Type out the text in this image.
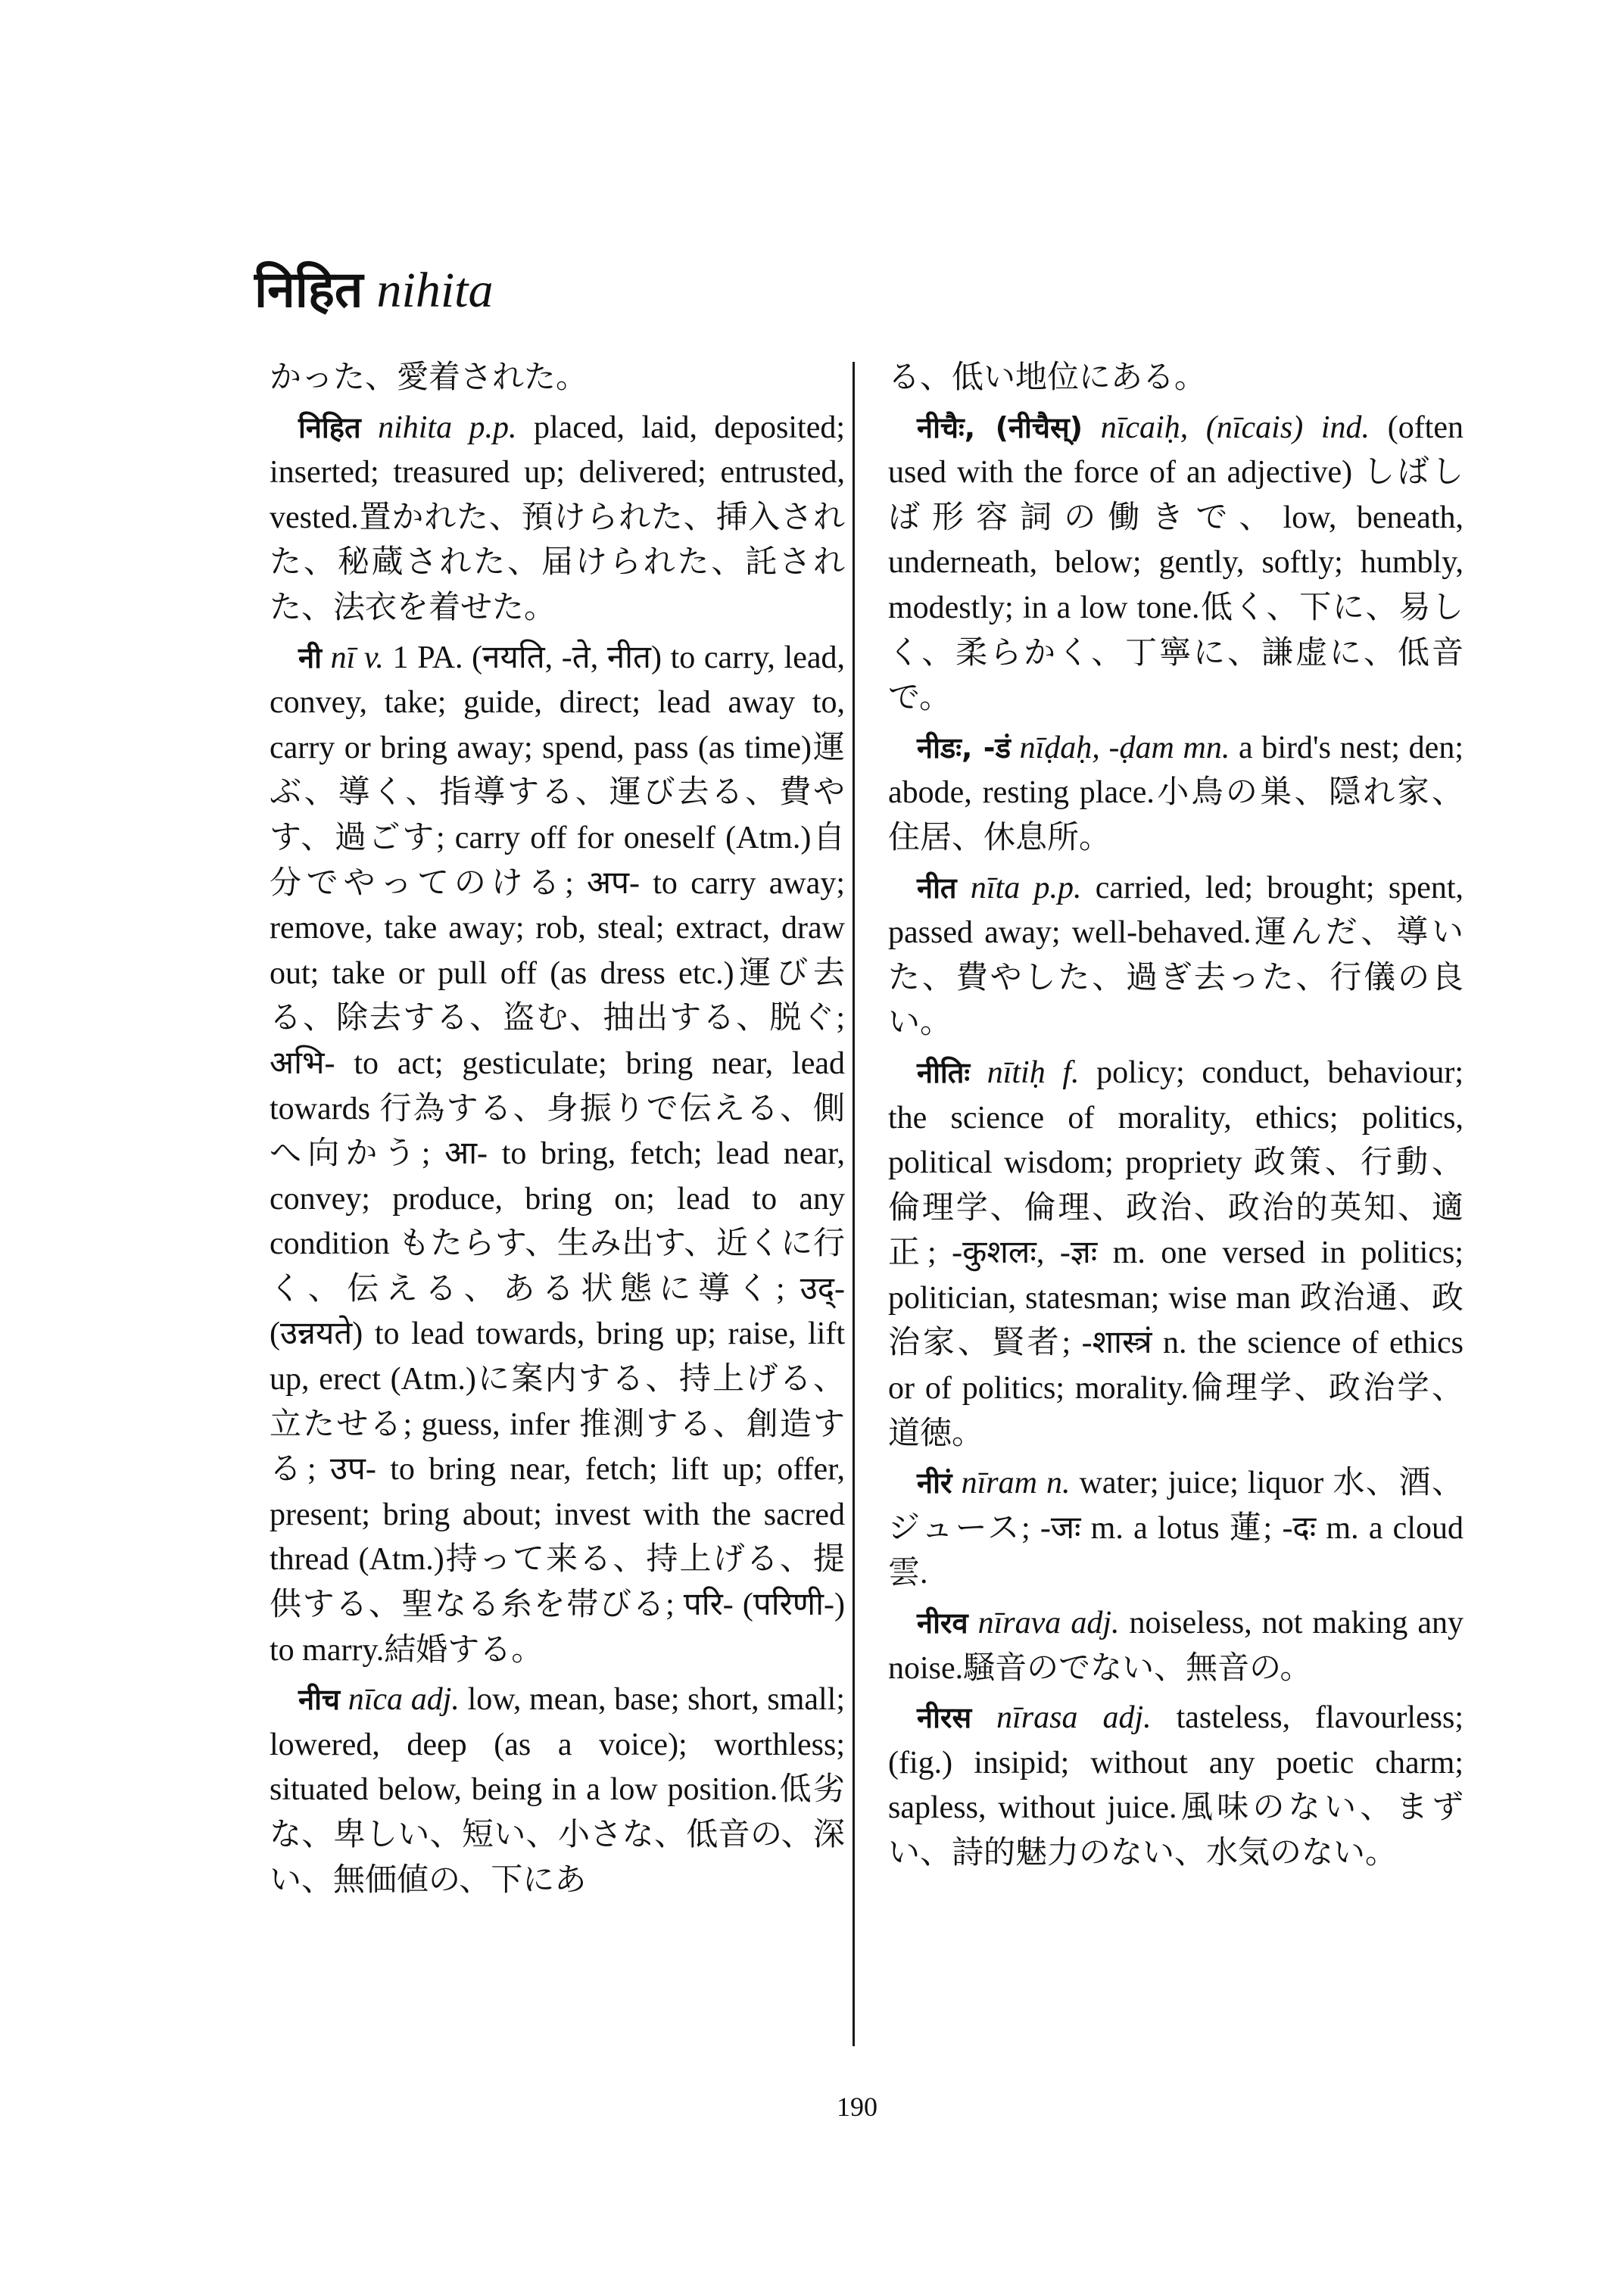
निहित nihita

かった、愛着された。

निहित nihita p.p. placed, laid, deposited; inserted; treasured up; delivered; entrusted, vested.置かれた、預けられた、挿入された、秘蔵された、届けられた、託された、法衣を着せた。

नी nī v. 1 PA. (नयति, -ते, नीत) to carry, lead, convey, take; guide, direct; lead away to, carry or bring away; spend, pass (as time)運ぶ、導く、指導する、運び去る、費やす、過ごす; carry off for oneself (Atm.)自分でやってのける; अप- to carry away; remove, take away; rob, steal; extract, draw out; take or pull off (as dress etc.)運び去る、除去する、盗む、抽出する、脱ぐ; अभि- to act; gesticulate; bring near, lead towards 行為する、身振りで伝える、側へ向かう; आ- to bring, fetch; lead near, convey; produce, bring on; lead to any condition もたらす、生み出す、近くに行く、伝える、ある状態に導く; उद्- (उन्नयते) to lead towards, bring up; raise, lift up, erect (Atm.)に案内する、持上げる、立たせる; guess, infer 推測する、創造する; उप- to bring near, fetch; lift up; offer, present; bring about; invest with the sacred thread (Atm.)持って来る、持上げる、提供する、聖なる糸を帯びる; परि- (परिणी-) to marry.結婚する。

नीच nīca adj. low, mean, base; short, small; lowered, deep (as a voice); worthless; situated below, being in a low position.低劣な、卑しい、短い、小さな、低音の、深い、無価値の、下にあ

る、低い地位にある。

नीचैः, (नीचैस्) nīcaiḥ, (nīcais) ind. (often used with the force of an adjective) しばしば形容詞の働きで、low, beneath, underneath, below; gently, softly; humbly, modestly; in a low tone.低く、下に、易しく、柔らかく、丁寧に、謙虚に、低音で。

नीडः, -डं nīḍaḥ, -ḍam mn. a bird's nest; den; abode, resting place.小鳥の巣、隠れ家、住居、休息所。

नीत nīta p.p. carried, led; brought; spent, passed away; well-behaved.運んだ、導いた、費やした、過ぎ去った、行儀の良い。

नीतिः nītiḥ f. policy; conduct, behaviour; the science of morality, ethics; politics, political wisdom; propriety 政策、行動、倫理学、倫理、政治、政治的英知、適正; -कुशलः, -ज्ञः m. one versed in politics; politician, statesman; wise man 政治通、政治家、賢者; -शास्त्रं n. the science of ethics or of politics; morality.倫理学、政治学、道徳。

नीरं nīram n. water; juice; liquor 水、酒、ジュース; -जः m. a lotus 蓮; -दः m. a cloud 雲.

नीरव nīrava adj. noiseless, not making any noise.騒音のでない、無音の。

नीरस nīrasa adj. tasteless, flavourless; (fig.) insipid; without any poetic charm; sapless, without juice.風味のない、まずい、詩的魅力のない、水気のない。

190
